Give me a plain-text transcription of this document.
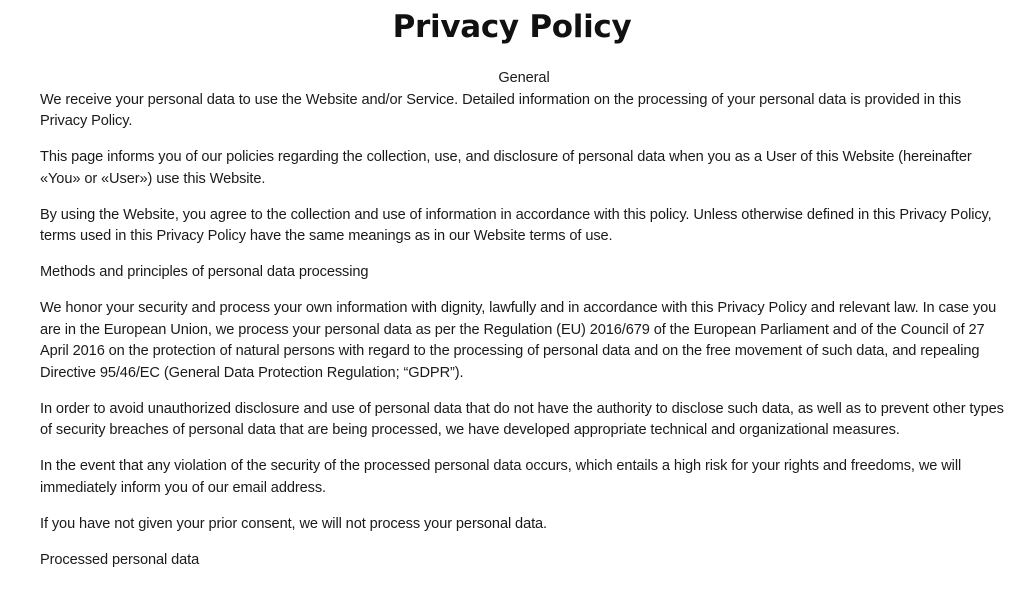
Privacy Policy
General

We receive your personal data to use the Website and/or Service. Detailed information on the processing of your personal data is provided in this Privacy Policy.

This page informs you of our policies regarding the collection, use, and disclosure of personal data when you as a User of this Website (hereinafter «You» or «User») use this Website.

By using the Website, you agree to the collection and use of information in accordance with this policy. Unless otherwise defined in this Privacy Policy, terms used in this Privacy Policy have the same meanings as in our Website terms of use.

Methods and principles of personal data processing

We honor your security and process your own information with dignity, lawfully and in accordance with this Privacy Policy and relevant law. In case you are in the European Union, we process your personal data as per the Regulation (EU) 2016/679 of the European Parliament and of the Council of 27 April 2016 on the protection of natural persons with regard to the processing of personal data and on the free movement of such data, and repealing Directive 95/46/EC (General Data Protection Regulation; “GDPR”).

In order to avoid unauthorized disclosure and use of personal data that do not have the authority to disclose such data, as well as to prevent other types of security breaches of personal data that are being processed, we have developed appropriate technical and organizational measures.

In the event that any violation of the security of the processed personal data occurs, which entails a high risk for your rights and freedoms, we will immediately inform you of our email address.

If you have not given your prior consent, we will not process your personal data.

Processed personal data
